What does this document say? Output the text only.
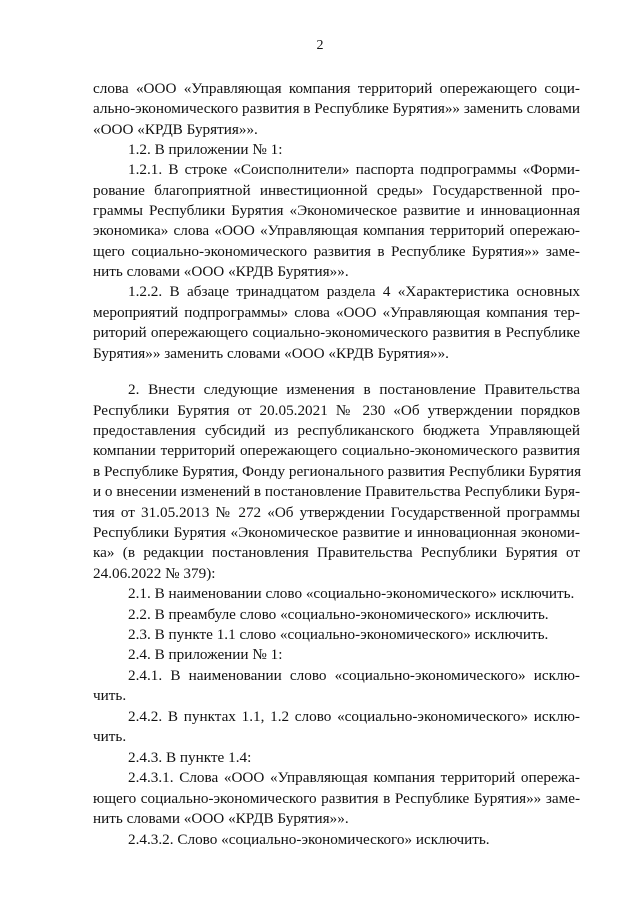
2
слова «ООО «Управляющая компания территорий опережающего соци-
ально-экономического развития в Республике Бурятия»» заменить словами
«ООО «КРДВ Бурятия»».
1.2. В приложении № 1:
1.2.1. В строке «Соисполнители» паспорта подпрограммы «Форми-
рование благоприятной инвестиционной среды» Государственной про-
граммы Республики Бурятия «Экономическое развитие и инновационная
экономика» слова «ООО «Управляющая компания территорий опережаю-
щего социально-экономического развития в Республике Бурятия»» заме-
нить словами «ООО «КРДВ Бурятия»».
1.2.2. В абзаце тринадцатом раздела 4 «Характеристика основных
мероприятий подпрограммы» слова «ООО «Управляющая компания тер-
риторий опережающего социально-экономического развития в Республике
Бурятия»» заменить словами «ООО «КРДВ Бурятия»».
2. Внести следующие изменения в постановление Правительства
Республики Бурятия от 20.05.2021 № 230 «Об утверждении порядков
предоставления субсидий из республиканского бюджета Управляющей
компании территорий опережающего социально-экономического развития
в Республике Бурятия, Фонду регионального развития Республики Бурятия
и о внесении изменений в постановление Правительства Республики Буря-
тия от 31.05.2013 № 272 «Об утверждении Государственной программы
Республики Бурятия «Экономическое развитие и инновационная экономи-
ка» (в редакции постановления Правительства Республики Бурятия от
24.06.2022 № 379):
2.1. В наименовании слово «социально-экономического» исключить.
2.2. В преамбуле слово «социально-экономического» исключить.
2.3. В пункте 1.1 слово «социально-экономического» исключить.
2.4. В приложении № 1:
2.4.1. В наименовании слово «социально-экономического» исклю-
чить.
2.4.2. В пунктах 1.1, 1.2 слово «социально-экономического» исклю-
чить.
2.4.3. В пункте 1.4:
2.4.3.1. Слова «ООО «Управляющая компания территорий опережа-
ющего социально-экономического развития в Республике Бурятия»» заме-
нить словами «ООО «КРДВ Бурятия»».
2.4.3.2. Слово «социально-экономического» исключить.
